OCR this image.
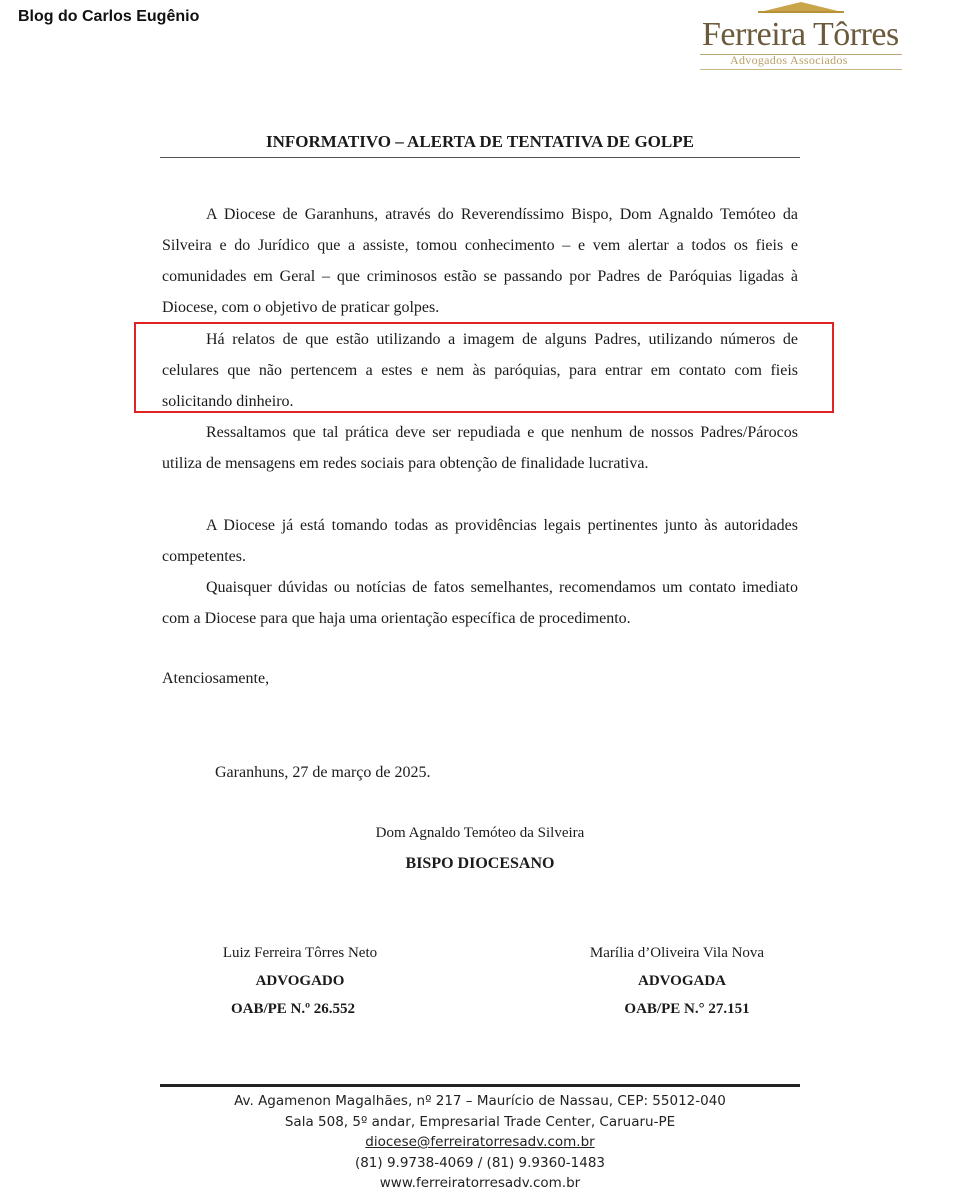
Blog do Carlos Eugênio	Ferreira Tôrres
Advogados Associados
INFORMATIVO – ALERTA DE TENTATIVA DE GOLPE

A Diocese de Garanhuns, através do Reverendíssimo Bispo, Dom Agnaldo Temóteo da Silveira e do Jurídico que a assiste, tomou conhecimento – e vem alertar a todos os fieis e comunidades em Geral – que criminosos estão se passando por Padres de Paróquias ligadas à Diocese, com o objetivo de praticar golpes.

Há relatos de que estão utilizando a imagem de alguns Padres, utilizando números de celulares que não pertencem a estes e nem às paróquias, para entrar em contato com fieis solicitando dinheiro.

Ressaltamos que tal prática deve ser repudiada e que nenhum de nossos Padres/Párocos utiliza de mensagens em redes sociais para obtenção de finalidade lucrativa.

A Diocese já está tomando todas as providências legais pertinentes junto às autoridades competentes.

Quaisquer dúvidas ou notícias de fatos semelhantes, recomendamos um contato imediato com a Diocese para que haja uma orientação específica de procedimento.

Atenciosamente,

Garanhuns, 27 de março de 2025.

Dom Agnaldo Temóteo da Silveira

BISPO DIOCESANO

Luiz Ferreira Tôrres Neto

ADVOGADO

OAB/PE N.º 26.552

Marília d’Oliveira Vila Nova

ADVOGADA

OAB/PE N.° 27.151

Av. Agamenon Magalhães, nº 217 – Maurício de Nassau, CEP: 55012-040
Sala 508, 5º andar, Empresarial Trade Center, Caruaru-PE
diocese@ferreiratorresadv.com.br
(81) 9.9738-4069 / (81) 9.9360-1483
www.ferreiratorresadv.com.br
